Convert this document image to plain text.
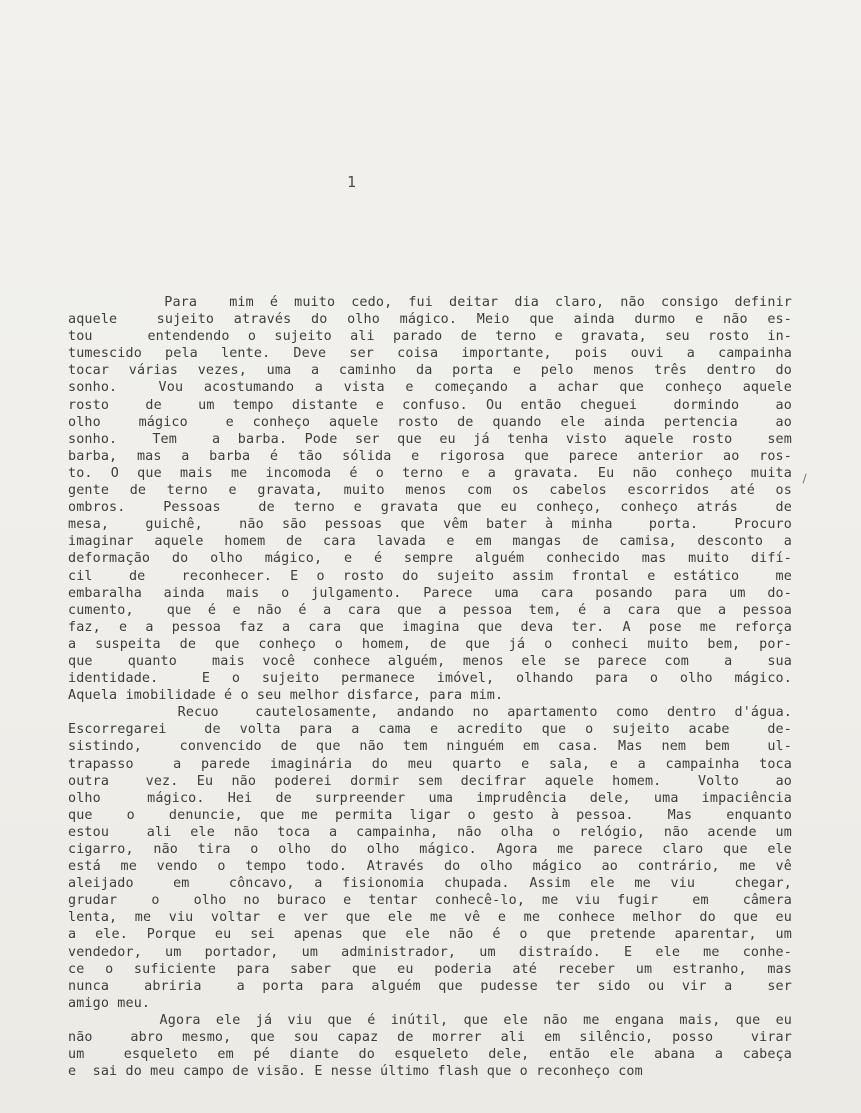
1
Para  mim é muito cedo, fui deitar dia claro, não consigo definir
aquele  sujeito através do olho mágico. Meio que ainda durmo e não es-
tou   entendendo o sujeito ali parado de terno e gravata, seu rosto in-
tumescido pela lente. Deve ser coisa importante, pois ouvi a campainha
tocar várias vezes, uma a caminho da porta e pelo menos três dentro do
sonho.  Vou acostumando a vista e começando a achar que conheço aquele
rosto  de  um tempo distante e confuso. Ou então cheguei  dormindo  ao
olho  mágico  e conheço aquele rosto de quando ele ainda pertencia  ao
sonho.  Tem  a barba. Pode ser que eu já tenha visto aquele rosto  sem
barba, mas a barba é tão sólida e rigorosa que parece anterior ao ros-
to. O que mais me incomoda é o terno e a gravata. Eu não conheço muita
gente de terno e gravata, muito menos com os cabelos escorridos até os
ombros.  Pessoas  de terno e gravata que eu conheço, conheço atrás  de
mesa,  guichê,  não são pessoas que vêm bater à minha  porta.  Procuro
imaginar aquele homem de cara lavada e em mangas de camisa, desconto a
deformação do olho mágico, e é sempre alguém conhecido mas muito difí-
cil  de  reconhecer. E o rosto do sujeito assim frontal e estático  me
embaralha ainda mais o julgamento. Parece uma cara posando para um do-
cumento,  que é e não é a cara que a pessoa tem, é a cara que a pessoa
faz, e a pessoa faz a cara que imagina que deva ter. A pose me reforça
a suspeita de que conheço o homem, de que já o conheci muito bem, por-
que  quanto  mais você conhece alguém, menos ele se parece com  a  sua
identidade.  E o sujeito permanece imóvel, olhando para o olho mágico.
Aquela imobilidade é o seu melhor disfarce, para mim.
Recuo  cautelosamente, andando no apartamento como dentro d'água.
Escorregarei  de volta para a cama e acredito que o sujeito acabe  de-
sistindo,  convencido de que não tem ninguém em casa. Mas nem bem  ul-
trapasso  a parede imaginária do meu quarto e sala, e a campainha toca
outra  vez. Eu não poderei dormir sem decifrar aquele homem.  Volto  ao
olho  mágico. Hei de surpreender uma imprudência dele, uma impaciência
que  o  denuncie, que me permita ligar o gesto à pessoa.  Mas  enquanto
estou  ali ele não toca a campainha, não olha o relógio, não acende um
cigarro, não tira o olho do olho mágico. Agora me parece claro que ele
está me vendo o tempo todo. Através do olho mágico ao contrário, me vê
aleijado  em  côncavo, a fisionomia chupada. Assim ele me viu  chegar,
grudar  o  olho no buraco e tentar conhecê-lo, me viu fugir  em  câmera
lenta, me viu voltar e ver que ele me vê e me conhece melhor do que eu
a ele. Porque eu sei apenas que ele não é o que pretende aparentar, um
vendedor, um portador, um administrador, um distraído. E ele me conhe-
ce o suficiente para saber que eu poderia até receber um estranho, mas
nunca  abriria  a porta para alguém que pudesse ter sido ou vir a  ser
amigo meu.
Agora ele já viu que é inútil, que ele não me engana mais, que eu
não  abro mesmo, que sou capaz de morrer ali em silêncio, posso  virar
um  esqueleto em pé diante do esqueleto dele, então ele abana a cabeça
e  sai do meu campo de visão. E nesse último flash que o reconheço com
